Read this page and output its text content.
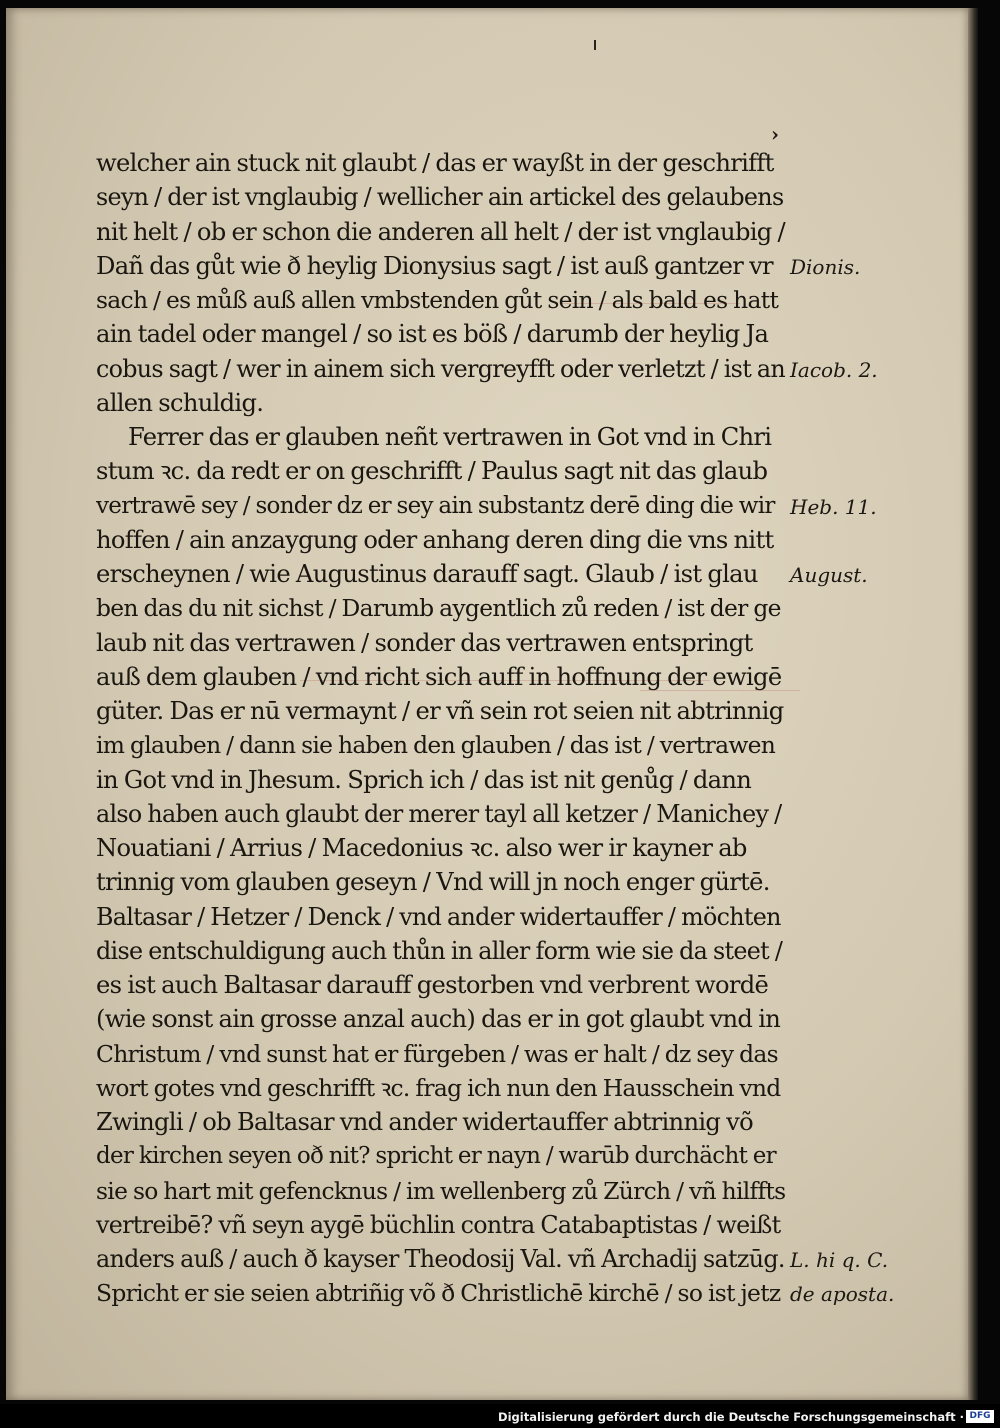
›
welcher ain stuck nit glaubt / das er wayßt in der geschrifft
seyn / der ist vnglaubig / wellicher ain artickel des gelaubens
nit helt / ob er schon die anderen all helt / der ist vnglaubig /
Dañ das gůt wie ð heylig Dionysius sagt / ist auß gantzer vr
sach / es můß auß allen vmbstenden gůt sein / als bald es hatt
ain tadel oder mangel / so ist es böß / darumb der heylig Ja
cobus sagt / wer in ainem sich vergreyfft oder verletzt / ist an
allen schuldig.
Ferrer das er glauben neñt vertrawen in Got vnd in Chri
stum ꝛc. da redt er on geschrifft / Paulus sagt nit das glaub
vertrawē sey / sonder dz er sey ain substantz derē ding die wir
hoffen / ain anzaygung oder anhang deren ding die vns nitt
erscheynen / wie Augustinus darauff sagt. Glaub / ist glau
ben das du nit sichst / Darumb aygentlich zů reden / ist der ge
laub nit das vertrawen / sonder das vertrawen entspringt
auß dem glauben / vnd richt sich auff in hoffnung der ewigē
güter. Das er nū vermaynt / er vñ sein rot seien nit abtrinnig
im glauben / dann sie haben den glauben / das ist / vertrawen
in Got vnd in Jhesum. Sprich ich / das ist nit genůg / dann
also haben auch glaubt der merer tayl all ketzer / Manichey /
Nouatiani / Arrius / Macedonius ꝛc. also wer ir kayner ab
trinnig vom glauben geseyn / Vnd will jn noch enger gürtē.
Baltasar / Hetzer / Denck / vnd ander widertauffer / möchten
dise entschuldigung auch thůn in aller form wie sie da steet /
es ist auch Baltasar darauff gestorben vnd verbrent wordē
(wie sonst ain grosse anzal auch) das er in got glaubt vnd in
Christum / vnd sunst hat er fürgeben / was er halt / dz sey das
wort gotes vnd geschrifft ꝛc. frag ich nun den Hausschein vnd
Zwingli / ob Baltasar vnd ander widertauffer abtrinnig võ
der kirchen seyen oð nit? spricht er nayn / warūb durchächt er
sie so hart mit gefencknus / im wellenberg zů Zürch / vñ hilffts
vertreibē? vñ seyn aygē büchlin contra Catabaptistas / weißt
anders auß / auch ð kayser Theodosij Val. vñ Archadij satzūg.
Spricht er sie seien abtriñig võ ð Christlichē kirchē / so ist jetz
Dionis.
Iacob. 2.
Heb. 11.
August.
L. hi q. C.
de aposta.
Digitalisierung gefördert durch die Deutsche Forschungsgemeinschaft · DFG
